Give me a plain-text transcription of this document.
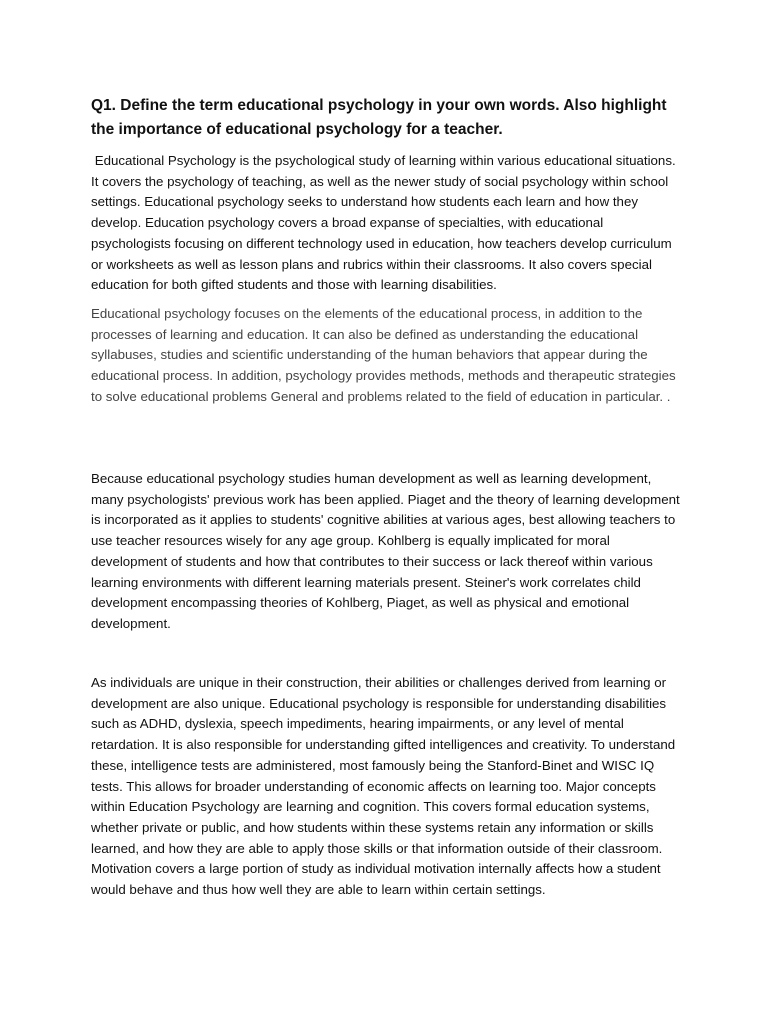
Q1. Define the term educational psychology in your own words. Also highlight the importance of educational psychology for a teacher.

Educational Psychology is the psychological study of learning within various educational situations. It covers the psychology of teaching, as well as the newer study of social psychology within school settings. Educational psychology seeks to understand how students each learn and how they develop. Education psychology covers a broad expanse of specialties, with educational psychologists focusing on different technology used in education, how teachers develop curriculum or worksheets as well as lesson plans and rubrics within their classrooms. It also covers special education for both gifted students and those with learning disabilities.

Educational psychology focuses on the elements of the educational process, in addition to the processes of learning and education. It can also be defined as understanding the educational syllabuses, studies and scientific understanding of the human behaviors that appear during the educational process. In addition, psychology provides methods, methods and therapeutic strategies to solve educational problems General and problems related to the field of education in particular. .

Because educational psychology studies human development as well as learning development, many psychologists' previous work has been applied. Piaget and the theory of learning development is incorporated as it applies to students' cognitive abilities at various ages, best allowing teachers to use teacher resources wisely for any age group. Kohlberg is equally implicated for moral development of students and how that contributes to their success or lack thereof within various learning environments with different learning materials present. Steiner's work correlates child development encompassing theories of Kohlberg, Piaget, as well as physical and emotional development.

As individuals are unique in their construction, their abilities or challenges derived from learning or development are also unique. Educational psychology is responsible for understanding disabilities such as ADHD, dyslexia, speech impediments, hearing impairments, or any level of mental retardation. It is also responsible for understanding gifted intelligences and creativity. To understand these, intelligence tests are administered, most famously being the Stanford-Binet and WISC IQ tests. This allows for broader understanding of economic affects on learning too. Major concepts within Education Psychology are learning and cognition. This covers formal education systems, whether private or public, and how students within these systems retain any information or skills learned, and how they are able to apply those skills or that information outside of their classroom. Motivation covers a large portion of study as individual motivation internally affects how a student would behave and thus how well they are able to learn within certain settings.
